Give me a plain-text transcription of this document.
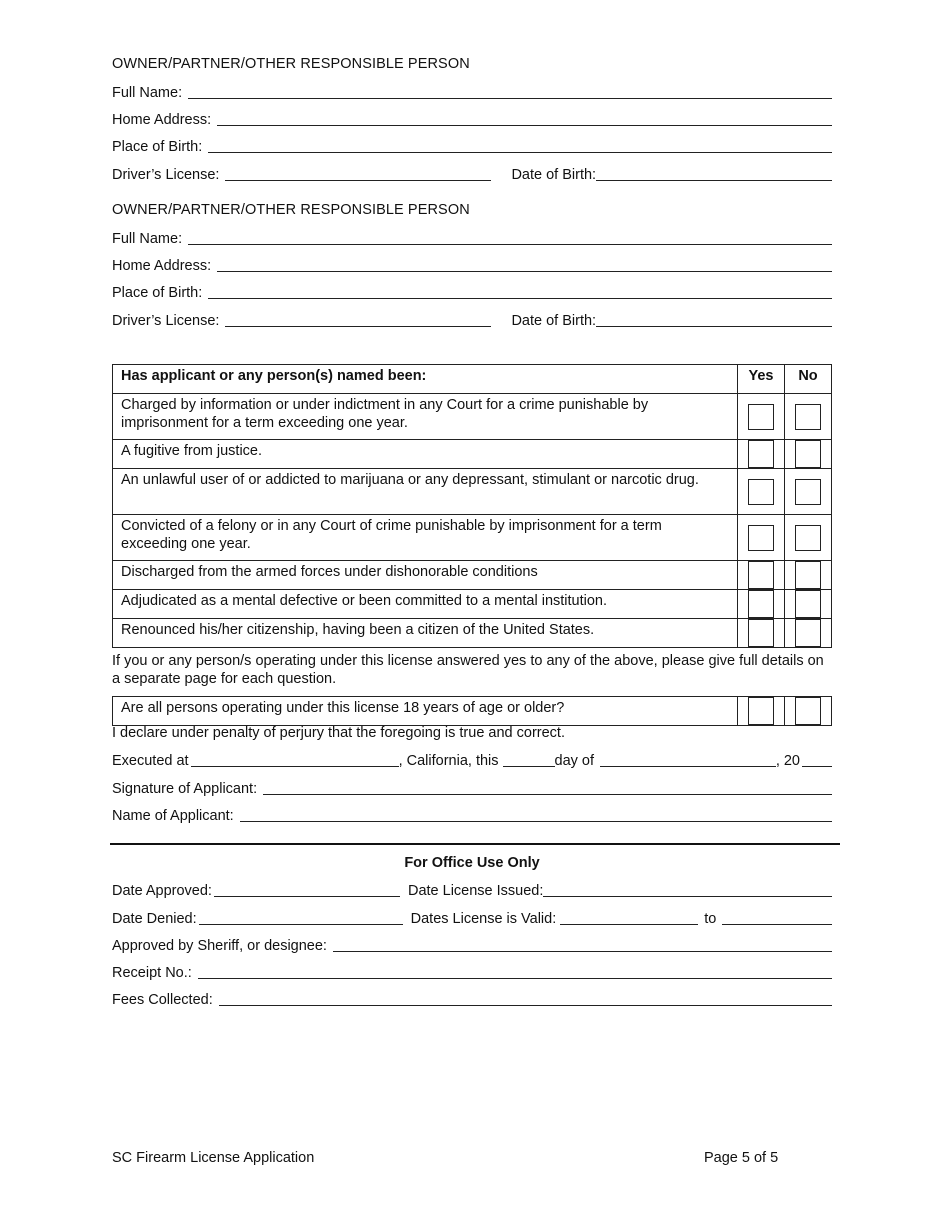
OWNER/PARTNER/OTHER RESPONSIBLE PERSON
Full Name:
Home Address:
Place of Birth:
Driver’s License:	Date of Birth:
OWNER/PARTNER/OTHER RESPONSIBLE PERSON
Full Name:
Home Address:
Place of Birth:
Driver’s License:	Date of Birth:
Has applicant or any person(s) named been:	Yes	No
Charged by information or under indictment in any Court for a crime punishable by imprisonment for a term exceeding one year.		
A fugitive from justice.		
An unlawful user of or addicted to marijuana or any depressant, stimulant or narcotic drug.		
Convicted of a felony or in any Court of crime punishable by imprisonment for a term exceeding one year.		
Discharged from the armed forces under dishonorable conditions		
Adjudicated as a mental defective or been committed to a mental institution.		
Renounced his/her citizenship, having been a citizen of the United States.		
If you or any person/s operating under this license answered yes to any of the above, please give full details on a separate page for each question.
Are all persons operating under this license 18 years of age or older?		
I declare under penalty of perjury that the foregoing is true and correct.
Executed at	, California, this	day of	, 20
Signature of Applicant:
Name of Applicant:
For Office Use Only
Date Approved:	Date License Issued:
Date Denied:	Dates License is Valid:	to
Approved by Sheriff, or designee:
Receipt No.:
Fees Collected:
SC Firearm License Application	Page 5 of 5
